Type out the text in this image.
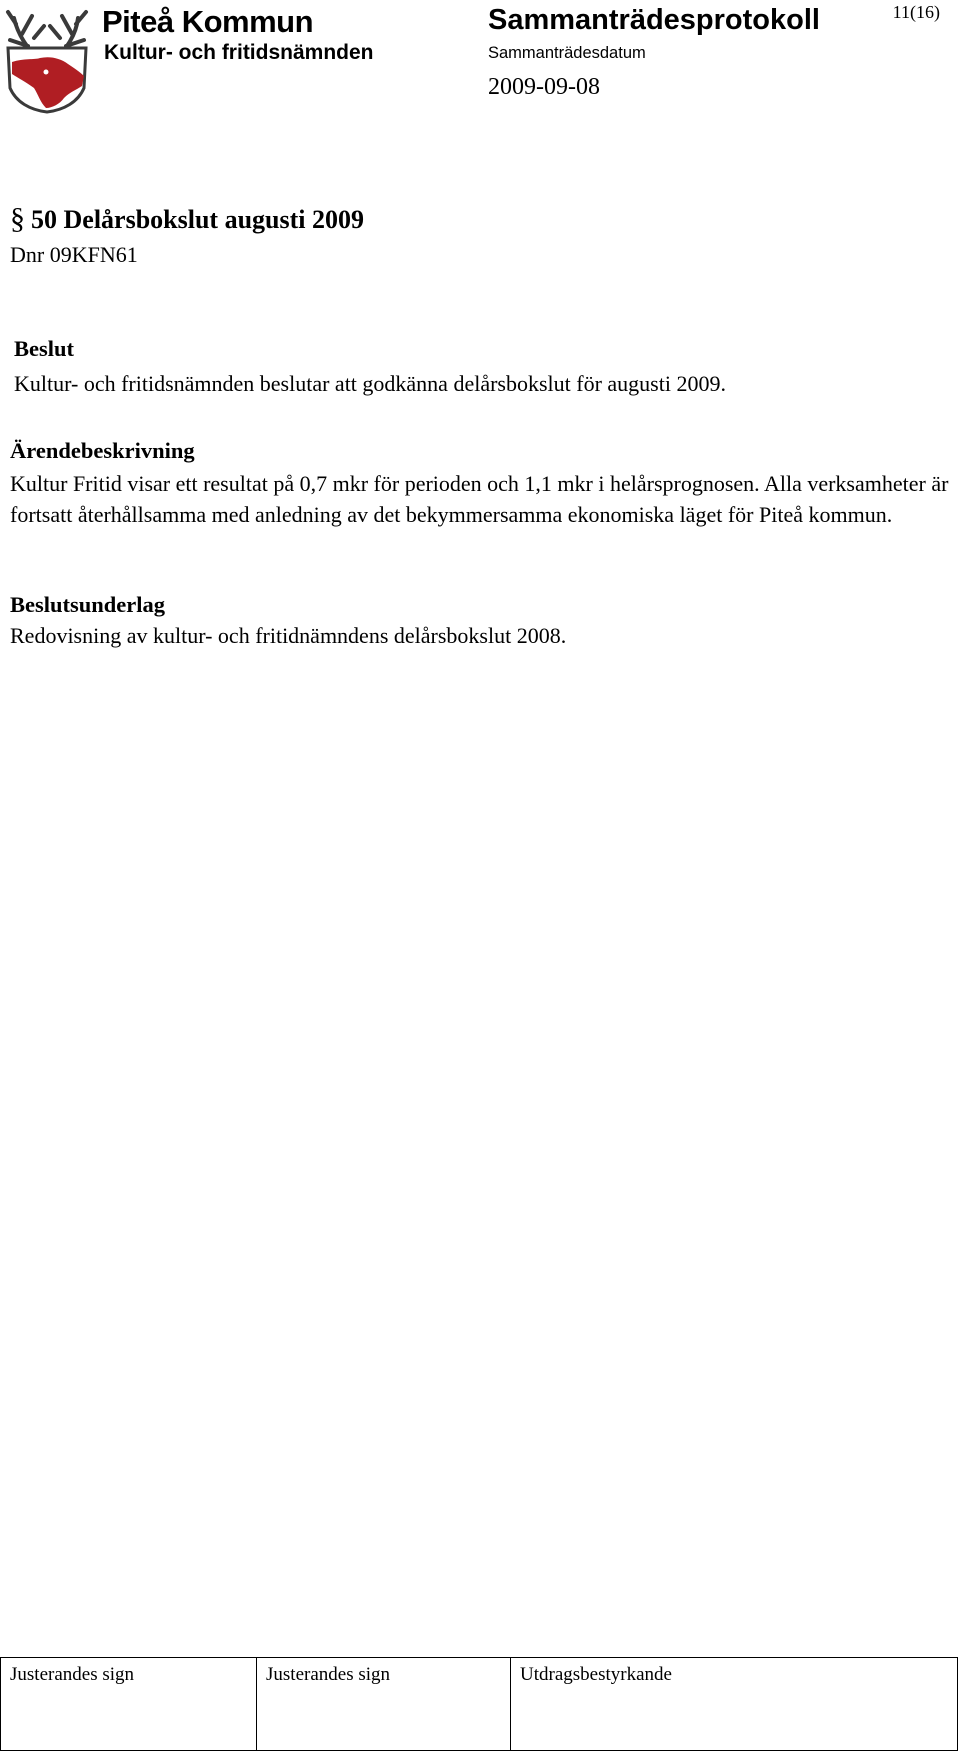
Piteå Kommun
Kultur- och fritidsnämnden
Sammanträdesprotokoll	11(16)
Sammanträdesdatum
2009-09-08
§ 50 Delårsbokslut augusti 2009
Dnr 09KFN61
Beslut

Kultur- och fritidsnämnden beslutar att godkänna delårsbokslut för augusti 2009.

Ärendebeskrivning

Kultur Fritid visar ett resultat på 0,7 mkr för perioden och 1,1 mkr i helårsprognosen. Alla verksamheter är fortsatt återhållsamma med anledning av det bekymmersamma ekonomiska läget för Piteå kommun.

Beslutsunderlag

Redovisning av kultur- och fritidnämndens delårsbokslut 2008.

Justerandes sign	Justerandes sign	Utdragsbestyrkande
